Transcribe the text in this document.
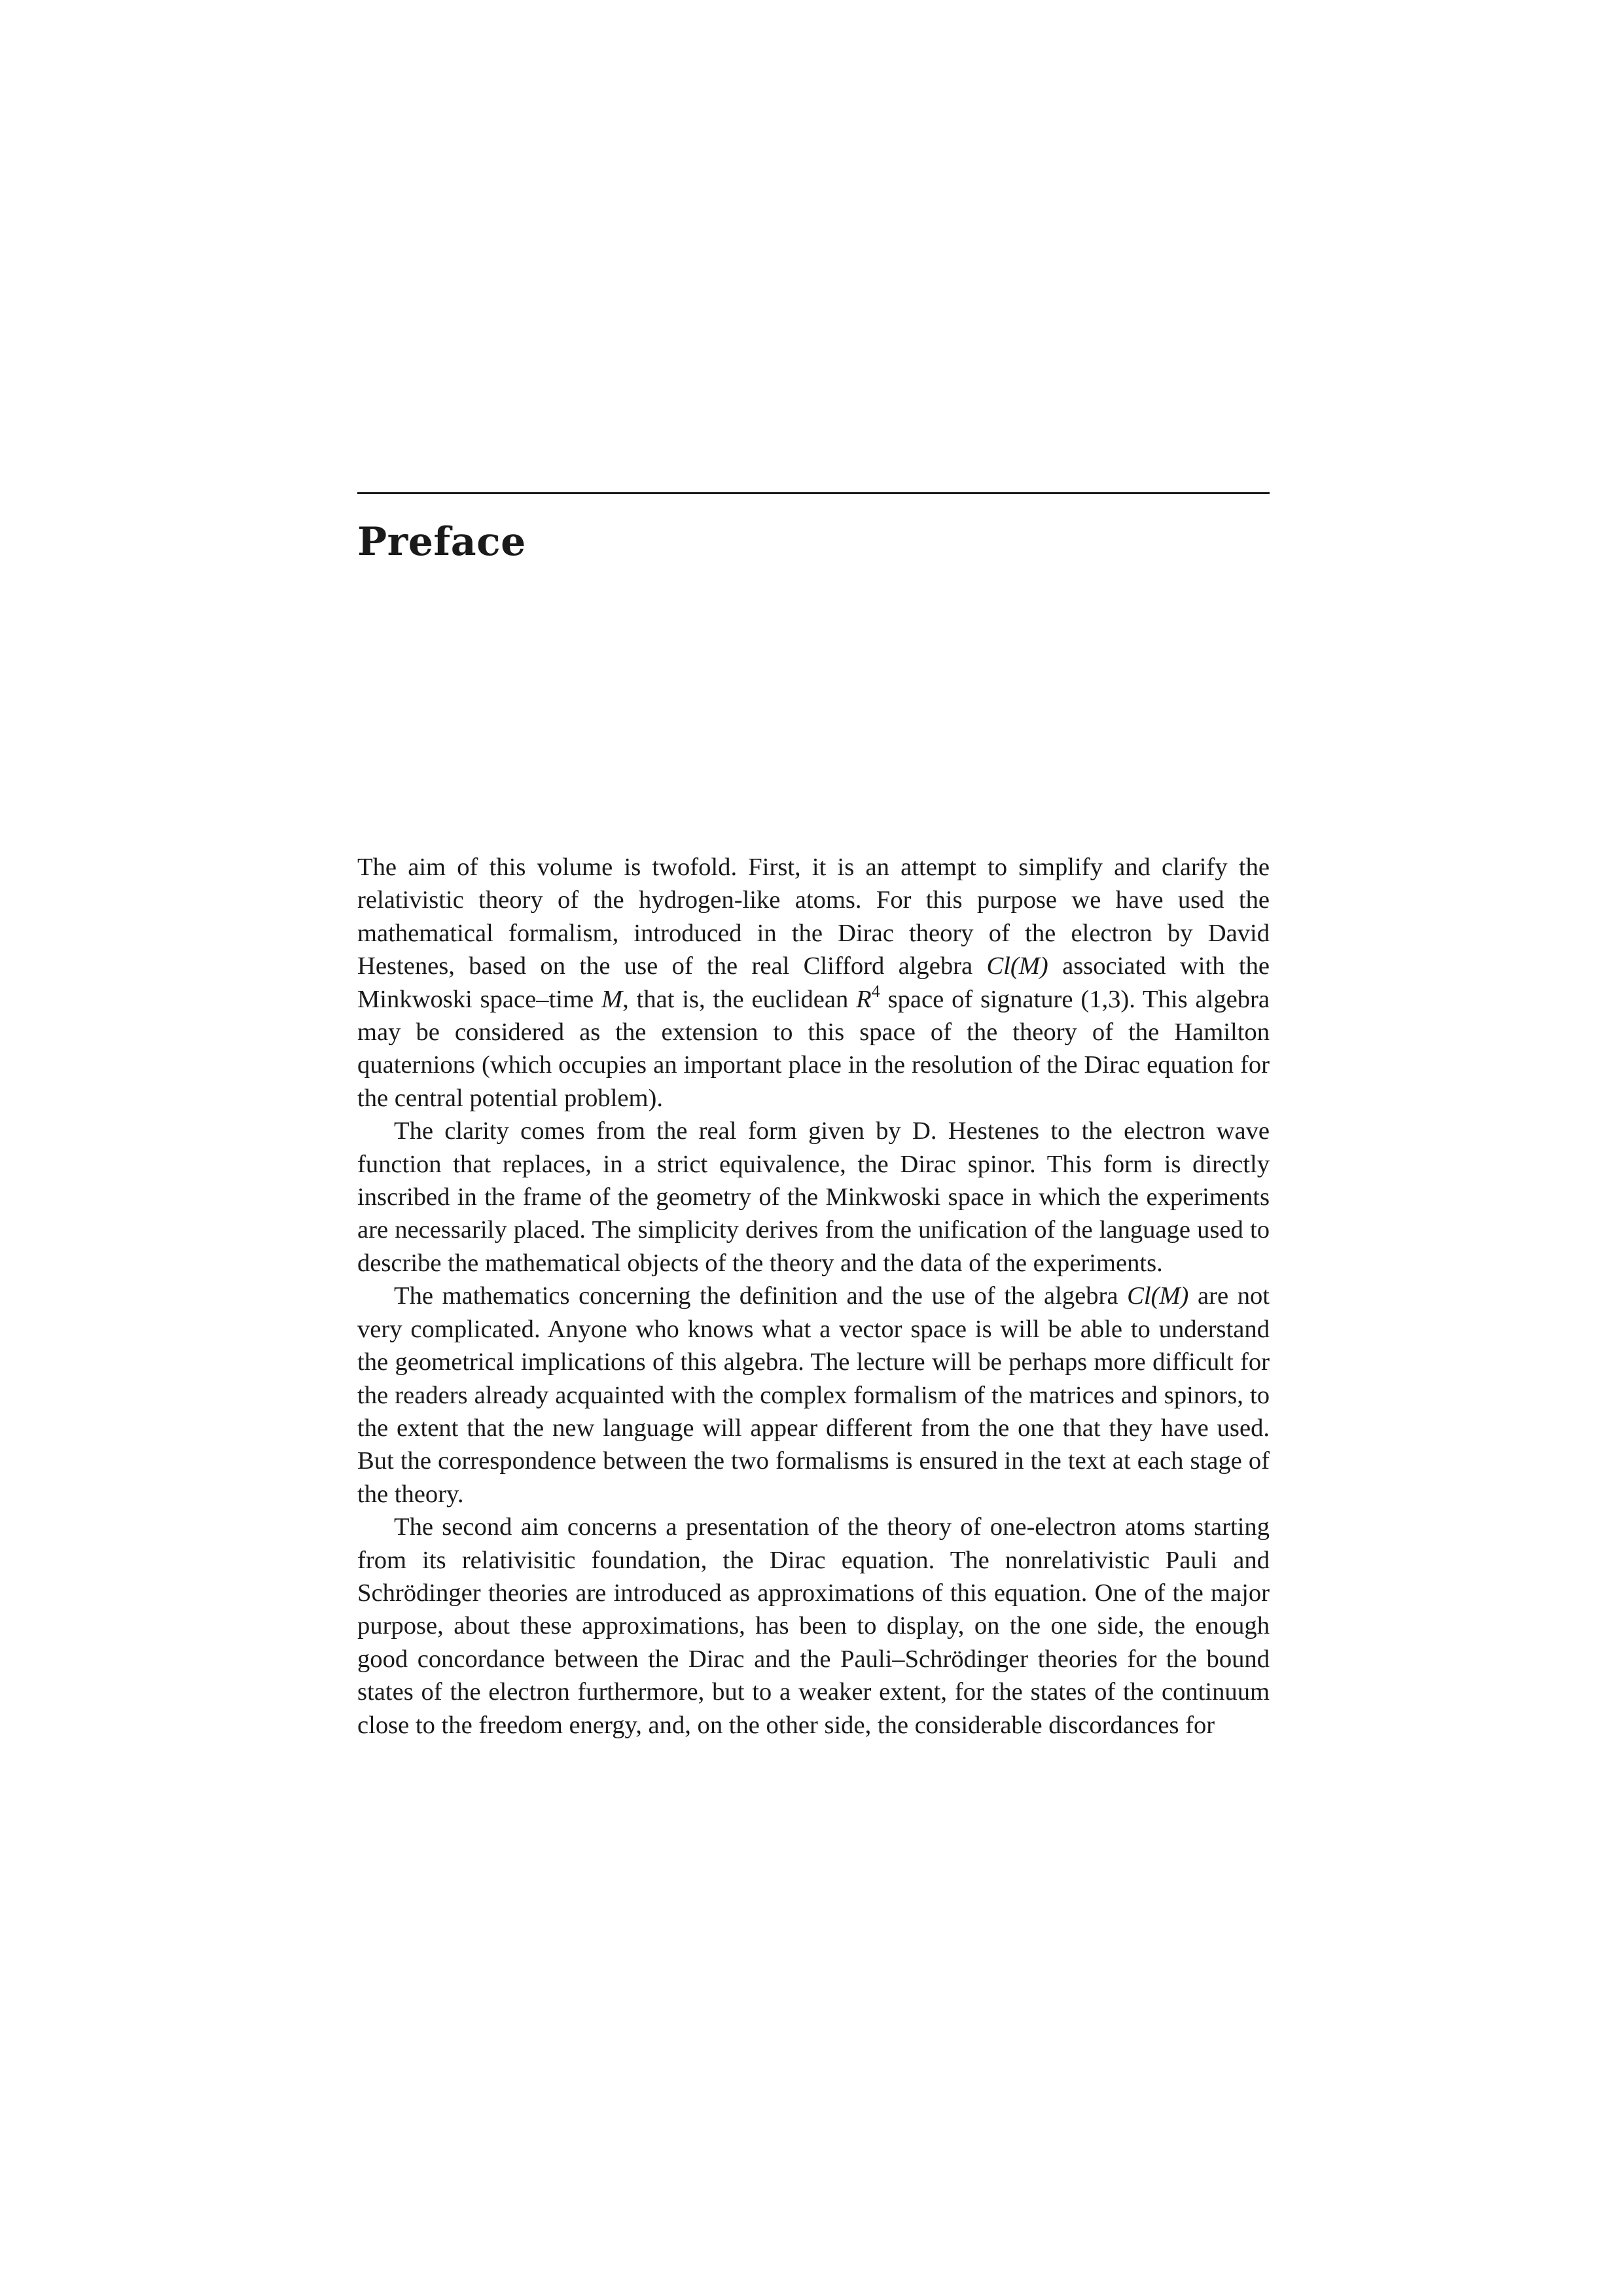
Preface

The aim of this volume is twofold. First, it is an attempt to simplify and clarify the relativistic theory of the hydrogen-like atoms. For this purpose we have used the mathematical formalism, introduced in the Dirac theory of the electron by David Hestenes, based on the use of the real Clifford algebra Cl(M) associated with the Minkwoski space–time M, that is, the euclidean $R^4$ space of signature (1,3). This algebra may be considered as the extension to this space of the theory of the Hamilton quaternions (which occupies an important place in the resolution of the Dirac equation for the central potential problem).

The clarity comes from the real form given by D. Hestenes to the electron wave function that replaces, in a strict equivalence, the Dirac spinor. This form is directly inscribed in the frame of the geometry of the Minkwoski space in which the experiments are necessarily placed. The simplicity derives from the unification of the language used to describe the mathematical objects of the theory and the data of the experiments.

The mathematics concerning the definition and the use of the algebra Cl(M) are not very complicated. Anyone who knows what a vector space is will be able to understand the geometrical implications of this algebra. The lecture will be perhaps more difficult for the readers already acquainted with the complex formalism of the matrices and spinors, to the extent that the new language will appear different from the one that they have used. But the correspondence between the two formalisms is ensured in the text at each stage of the theory.

The second aim concerns a presentation of the theory of one-electron atoms starting from its relativisitic foundation, the Dirac equation. The nonrelativistic Pauli and Schrödinger theories are introduced as approximations of this equation. One of the major purpose, about these approximations, has been to display, on the one side, the enough good concordance between the Dirac and the Pauli–Schrödinger theories for the bound states of the electron furthermore, but to a weaker extent, for the states of the continuum close to the freedom energy, and, on the other side, the considerable discordances for
